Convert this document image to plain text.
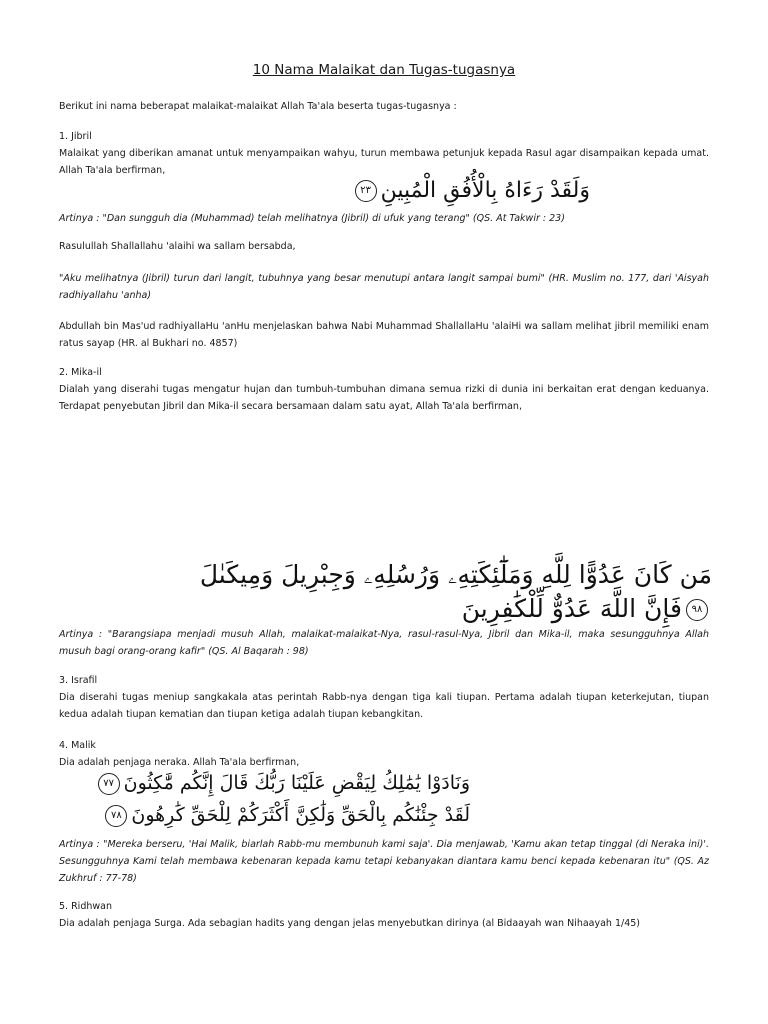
10 Nama Malaikat dan Tugas-tugasnya
Berikut ini nama beberapat malaikat-malaikat Allah Ta'ala beserta tugas-tugasnya :
1. Jibril
Malaikat yang diberikan amanat untuk menyampaikan wahyu, turun membawa petunjuk kepada Rasul agar disampaikan kepada umat. Allah Ta'ala berfirman,
وَلَقَدْ رَءَاهُ بِالْأُفُقِ الْمُبِينِ٢٣
Artinya : "Dan sungguh dia (Muhammad) telah melihatnya (Jibril) di ufuk yang terang" (QS. At Takwir : 23)
Rasulullah Shallallahu 'alaihi wa sallam bersabda,
"Aku melihatnya (Jibril) turun dari langit, tubuhnya yang besar menutupi antara langit sampai bumi" (HR. Muslim no. 177, dari 'Aisyah radhiyallahu 'anha)
Abdullah bin Mas'ud radhiyallaHu 'anHu menjelaskan bahwa Nabi Muhammad ShallallaHu 'alaiHi wa sallam melihat jibril memiliki enam ratus sayap (HR. al Bukhari no. 4857)
2. Mika-il
Dialah yang diserahi tugas mengatur hujan dan tumbuh-tumbuhan dimana semua rizki di dunia ini berkaitan erat dengan keduanya. Terdapat penyebutan Jibril dan Mika-il secara bersamaan dalam satu ayat, Allah Ta'ala berfirman,
مَن كَانَ عَدُوًّا لِلَّهِ وَمَلَٰٓئِكَتِهِۦ وَرُسُلِهِۦ وَجِبْرِيلَ وَمِيكَىٰلَ
٩٨فَإِنَّ اللَّهَ عَدُوٌّ لِّلْكَٰفِرِينَ
Artinya : "Barangsiapa menjadi musuh Allah, malaikat-malaikat-Nya, rasul-rasul-Nya, Jibril dan Mika-il, maka sesungguhnya Allah musuh bagi orang-orang kafir" (QS. Al Baqarah : 98)
3. Israfil
Dia diserahi tugas meniup sangkakala atas perintah Rabb-nya dengan tiga kali tiupan. Pertama adalah tiupan keterkejutan, tiupan kedua adalah tiupan kematian dan tiupan ketiga adalah tiupan kebangkitan.
4. Malik
Dia adalah penjaga neraka. Allah Ta'ala berfirman,
وَنَادَوْا يَٰمَٰلِكُ لِيَقْضِ عَلَيْنَا رَبُّكَ قَالَ إِنَّكُم مَّٰكِثُونَ٧٧
لَقَدْ جِئْنَٰكُم بِالْحَقِّ وَلَٰكِنَّ أَكْثَرَكُمْ لِلْحَقِّ كَٰرِهُونَ٧٨
Artinya : "Mereka berseru, 'Hai Malik, biarlah Rabb-mu membunuh kami saja'. Dia menjawab, 'Kamu akan tetap tinggal (di Neraka ini)'. Sesungguhnya Kami telah membawa kebenaran kepada kamu tetapi kebanyakan diantara kamu benci kepada kebenaran itu" (QS. Az Zukhruf : 77-78)
5. Ridhwan
Dia adalah penjaga Surga. Ada sebagian hadits yang dengan jelas menyebutkan dirinya (al Bidaayah wan Nihaayah 1/45)
